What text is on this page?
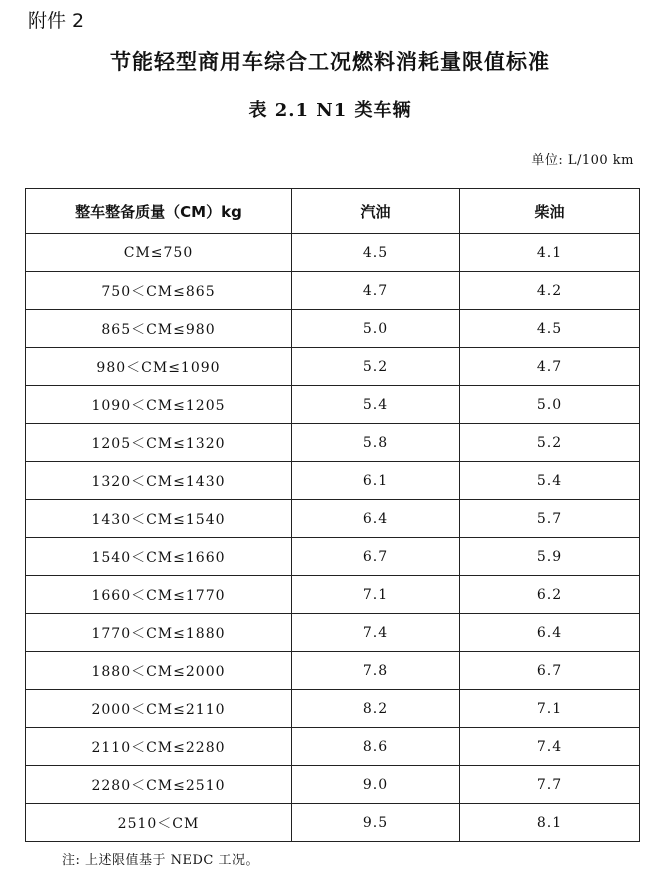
附件 2
节能轻型商用车综合工况燃料消耗量限值标准
表 2.1 N1 类车辆
单位: L/100 km
整车整备质量（CM）kg	汽油	柴油
CM≤750	4.5	4.1
750＜CM≤865	4.7	4.2
865＜CM≤980	5.0	4.5
980＜CM≤1090	5.2	4.7
1090＜CM≤1205	5.4	5.0
1205＜CM≤1320	5.8	5.2
1320＜CM≤1430	6.1	5.4
1430＜CM≤1540	6.4	5.7
1540＜CM≤1660	6.7	5.9
1660＜CM≤1770	7.1	6.2
1770＜CM≤1880	7.4	6.4
1880＜CM≤2000	7.8	6.7
2000＜CM≤2110	8.2	7.1
2110＜CM≤2280	8.6	7.4
2280＜CM≤2510	9.0	7.7
2510＜CM	9.5	8.1
注: 上述限值基于 NEDC 工况。
